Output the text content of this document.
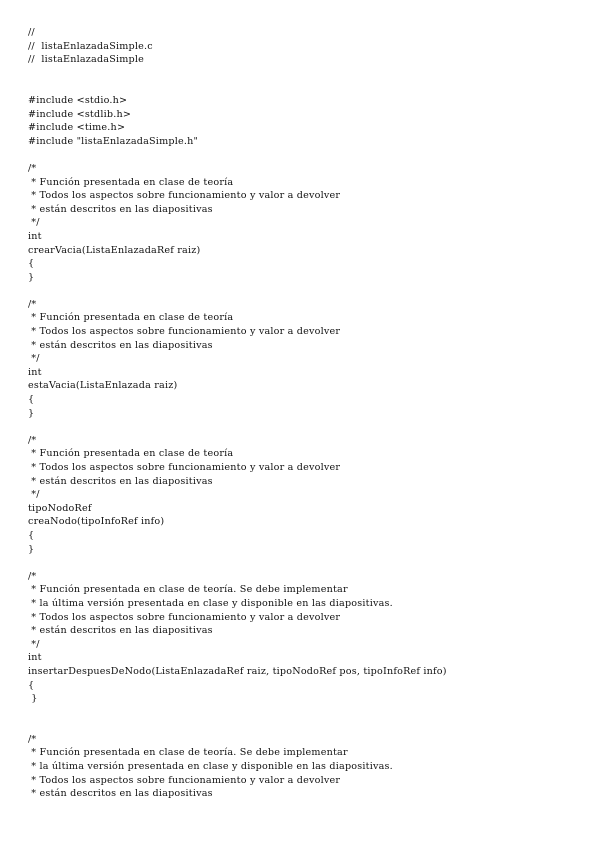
//
//  listaEnlazadaSimple.c
//  listaEnlazadaSimple
#include <stdio.h>
#include <stdlib.h>
#include <time.h>
#include "listaEnlazadaSimple.h"
/*
* Función presentada en clase de teoría
* Todos los aspectos sobre funcionamiento y valor a devolver
* están descritos en las diapositivas
*/
int
crearVacia(ListaEnlazadaRef raiz)
{
}
/*
* Función presentada en clase de teoría
* Todos los aspectos sobre funcionamiento y valor a devolver
* están descritos en las diapositivas
*/
int
estaVacia(ListaEnlazada raiz)
{
}
/*
* Función presentada en clase de teoría
* Todos los aspectos sobre funcionamiento y valor a devolver
* están descritos en las diapositivas
*/
tipoNodoRef
creaNodo(tipoInfoRef info)
{
}
/*
* Función presentada en clase de teoría. Se debe implementar
* la última versión presentada en clase y disponible en las diapositivas.
* Todos los aspectos sobre funcionamiento y valor a devolver
* están descritos en las diapositivas
*/
int
insertarDespuesDeNodo(ListaEnlazadaRef raiz, tipoNodoRef pos, tipoInfoRef info)
{
}
/*
* Función presentada en clase de teoría. Se debe implementar
* la última versión presentada en clase y disponible en las diapositivas.
* Todos los aspectos sobre funcionamiento y valor a devolver
* están descritos en las diapositivas
